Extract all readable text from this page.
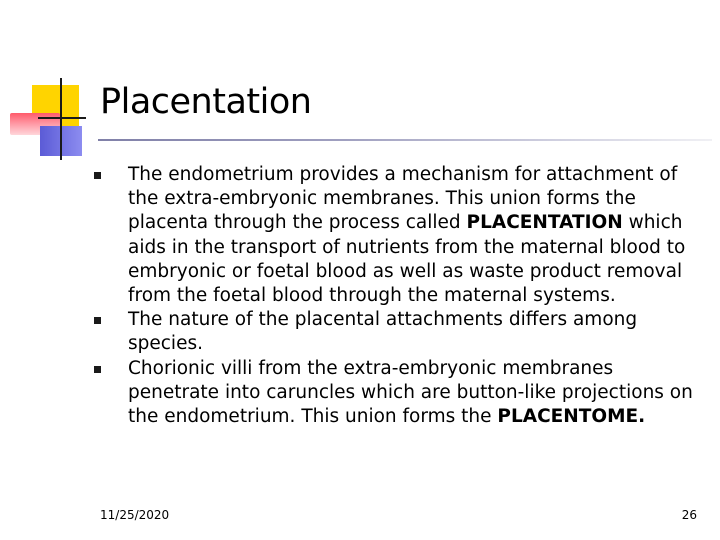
Placentation
The endometrium provides a mechanism for attachment of the extra-embryonic membranes. This union forms the placenta through the process called PLACENTATION which aids in the transport of nutrients from the maternal blood to embryonic or foetal blood as well as waste product removal from the foetal blood through the maternal systems.
The nature of the placental attachments differs among species.
Chorionic villi from the extra-embryonic membranes penetrate into caruncles which are button-like projections on the endometrium. This union forms the PLACENTOME.
11/25/2020	26
